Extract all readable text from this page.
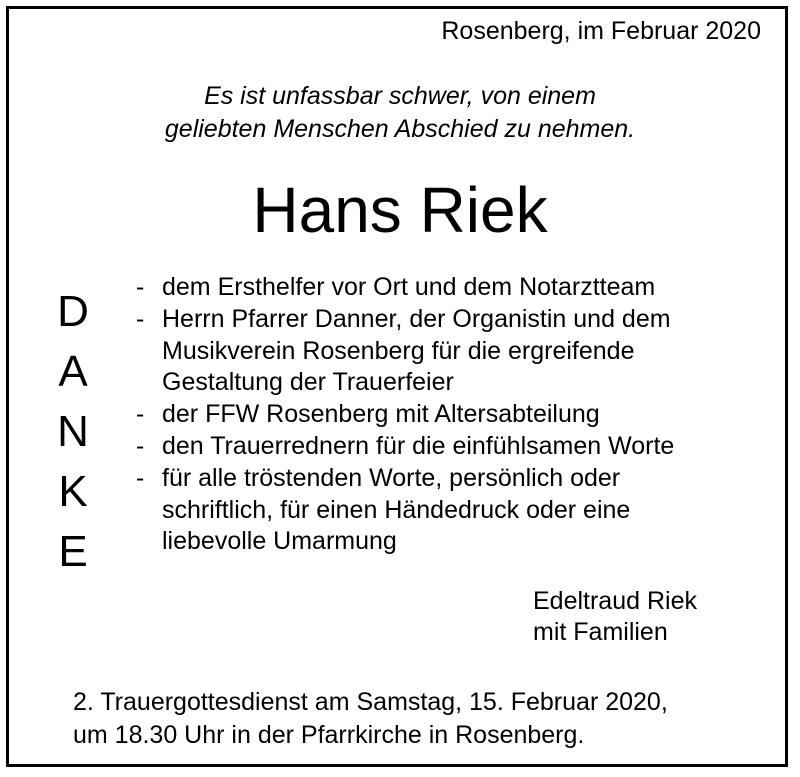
Rosenberg, im Februar 2020
Es ist unfassbar schwer, von einem
geliebten Menschen Abschied zu nehmen.
Hans Riek
D
A
N
K
E
- dem Ersthelfer vor Ort und dem Notarztteam
- Herrn Pfarrer Danner, der Organistin und dem
Musikverein Rosenberg für die ergreifende
Gestaltung der Trauerfeier
- der FFW Rosenberg mit Altersabteilung
- den Trauerrednern für die einfühlsamen Worte
- für alle tröstenden Worte, persönlich oder
schriftlich, für einen Händedruck oder eine
liebevolle Umarmung
Edeltraud Riek
mit Familien
2. Trauergottesdienst am Samstag, 15. Februar 2020,
um 18.30 Uhr in der Pfarrkirche in Rosenberg.
